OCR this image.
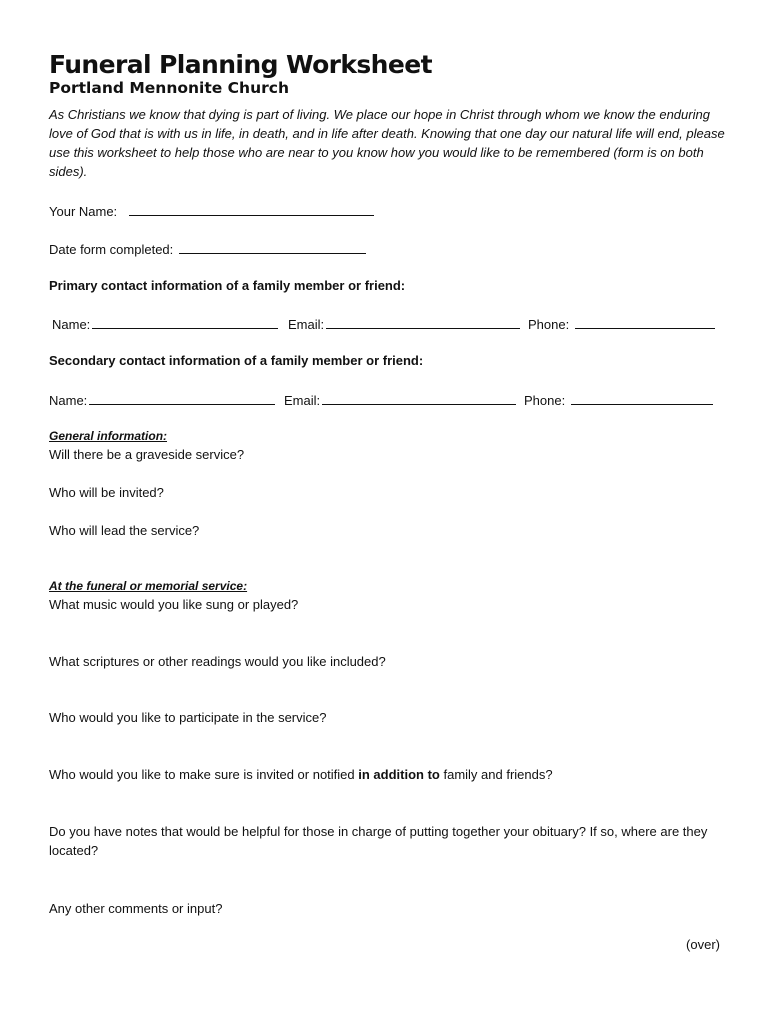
Funeral Planning Worksheet
Portland Mennonite Church

As Christians we know that dying is part of living. We place our hope in Christ through whom we know the enduring love of God that is with us in life, in death, and in life after death. Knowing that one day our natural life will end, please use this worksheet to help those who are near to you know how you would like to be remembered (form is on both sides).

Your Name:
Date form completed:
Primary contact information of a family member or friend:
Name:	Email:	Phone:
Secondary contact information of a family member or friend:
Name:	Email:	Phone:

General information:

Will there be a graveside service?

Who will be invited?

Who will lead the service?

At the funeral or memorial service:

What music would you like sung or played?

What scriptures or other readings would you like included?

Who would you like to participate in the service?

Who would you like to make sure is invited or notified in addition to family and friends?

Do you have notes that would be helpful for those in charge of putting together your obituary? If so, where are they located?

Any other comments or input?

(over)
